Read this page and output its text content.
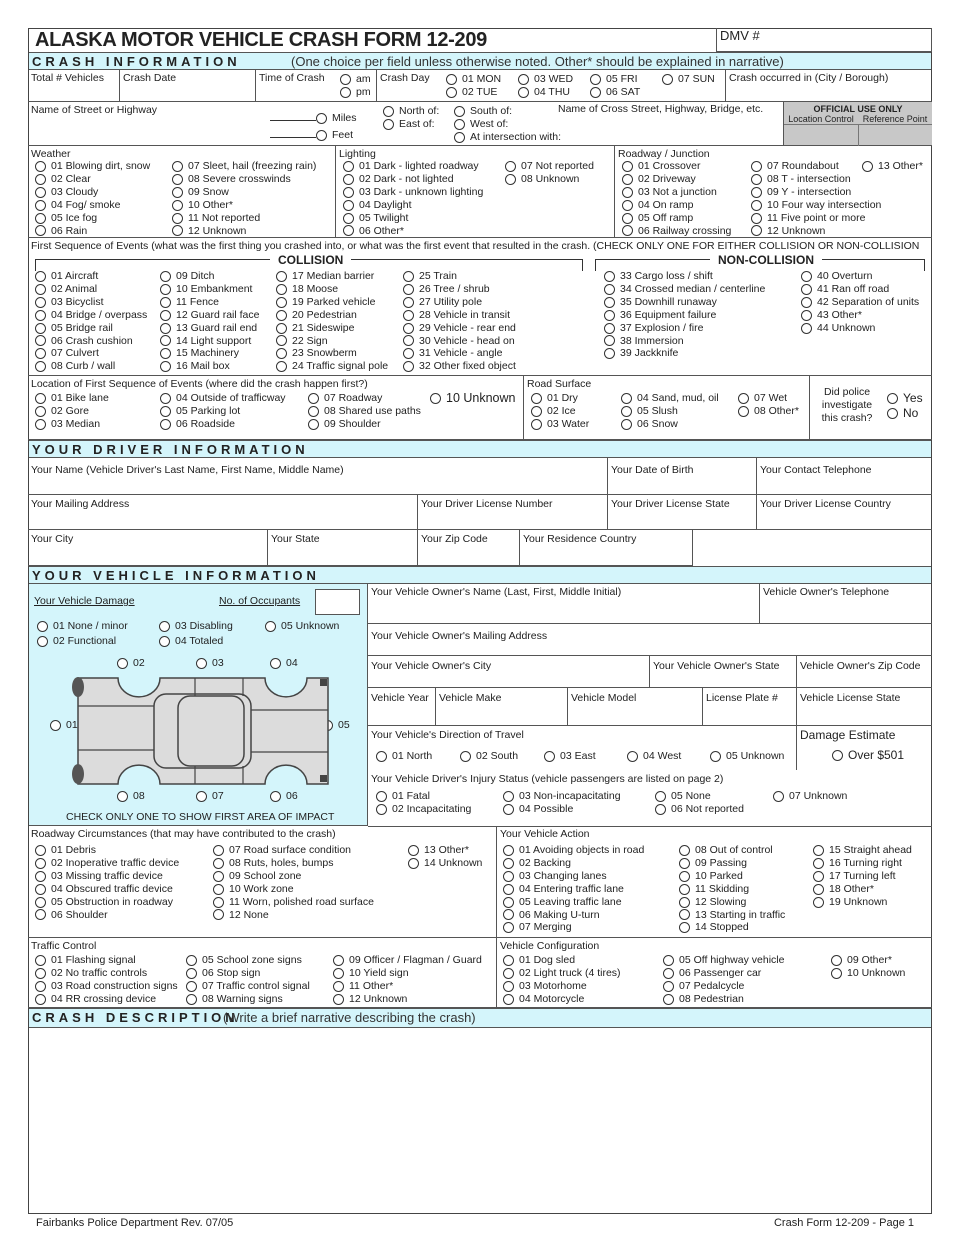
ALASKA MOTOR VEHICLE CRASH FORM 12-209	DMV #
CRASH INFORMATION	(One choice per field unless otherwise noted. Other* should be explained in narrative)
Total # Vehicles	Crash Date	Time of Crash	am
pm
Crash Day	01 MON
02 TUE
03 WED
04 THU
05 FRI
06 SAT
07 SUN Crash occurred in (City / Borough)
Name of Street or Highway	Name of Cross Street, Highway, Bridge, etc.
Miles
Feet
North of:
East of:
South of:
West of:
At intersection with:
OFFICIAL USE ONLY
Location Control Reference Point
Weather
01 Blowing dirt, snow
02 Clear
03 Cloudy
04 Fog/ smoke
05 Ice fog
06 Rain
07 Sleet, hail (freezing rain)
08 Severe crosswinds
09 Snow
10 Other*
11 Not reported
12 Unknown
Lighting
01 Dark - lighted roadway
02 Dark - not lighted
03 Dark - unknown lighting
04 Daylight
05 Twilight
06 Other*
07 Not reported
08 Unknown
Roadway / Junction
01 Crossover
02 Driveway
03 Not a junction
04 On ramp
05 Off ramp
06 Railway crossing
07 Roundabout
08 T - intersection
09 Y - intersection
10 Four way intersection
11 Five point or more
12 Unknown
13 Other*
First Sequence of Events (what was the first thing you crashed into, or what was the first event that resulted in the crash. (CHECK ONLY ONE FOR EITHER COLLISION OR NON-COLLISION
COLLISION	NON-COLLISION
01 Aircraft
02 Animal
03 Bicyclist
04 Bridge / overpass
05 Bridge rail
06 Crash cushion
07 Culvert
08 Curb / wall
09 Ditch
10 Embankment
11 Fence
12 Guard rail face
13 Guard rail end
14 Light support
15 Machinery
16 Mail box
17 Median barrier
18 Moose
19 Parked vehicle
20 Pedestrian
21 Sideswipe
22 Sign
23 Snowberm
24 Traffic signal pole
25 Train
26 Tree / shrub
27 Utility pole
28 Vehicle in transit
29 Vehicle - rear end
30 Vehicle - head on
31 Vehicle - angle
32 Other fixed object
33 Cargo loss / shift
34 Crossed median / centerline
35 Downhill runaway
36 Equipment failure
37 Explosion / fire
38 Immersion
39 Jackknife
40 Overturn
41 Ran off road
42 Separation of units
43 Other*
44 Unknown
Location of First Sequence of Events (where did the crash happen first?)
01 Bike lane
02 Gore
03 Median
04 Outside of trafficway
05 Parking lot
06 Roadside
07 Roadway
08 Shared use paths
09 Shoulder
10 Unknown
Road Surface
01 Dry
02 Ice
03 Water
04 Sand, mud, oil
05 Slush
06 Snow
07 Wet
08 Other*
Did police investigate this crash?
Yes
No
YOUR DRIVER INFORMATION
Your Name (Vehicle Driver's Last Name, First Name, Middle Name)	Your Date of Birth	Your Contact Telephone
Your Mailing Address	Your Driver License Number	Your Driver License State	Your Driver License Country
Your City	Your State	Your Zip Code	Your Residence Country
YOUR VEHICLE INFORMATION
Your Vehicle Damage	No. of Occupants
01 None / minor
02 Functional
03 Disabling
04 Totaled
05 Unknown
02	03	04
01	05
08	07	06
CHECK ONLY ONE TO SHOW FIRST AREA OF IMPACT
Your Vehicle Owner's Name (Last, First, Middle Initial)	Vehicle Owner's Telephone
Your Vehicle Owner's Mailing Address
Your Vehicle Owner's City	Your Vehicle Owner's State	Vehicle Owner's Zip Code
Vehicle Year Vehicle Make	Vehicle Model	License Plate #	Vehicle License State
Your Vehicle's Direction of Travel
01 North	02 South	03 East	04 West	05 Unknown
Damage Estimate
Over $501
Your Vehicle Driver's Injury Status (vehicle passengers are listed on page 2)
01 Fatal
02 Incapacitating
03 Non-incapacitating
04 Possible
05 None
06 Not reported
07 Unknown
Roadway Circumstances (that may have contributed to the crash)
01 Debris
02 Inoperative traffic device
03 Missing traffic device
04 Obscured traffic device
05 Obstruction in roadway
06 Shoulder
07 Road surface condition
08 Ruts, holes, bumps
09 School zone
10 Work zone
11 Worn, polished road surface
12 None
13 Other*
14 Unknown
Your Vehicle Action
01 Avoiding objects in road
02 Backing
03 Changing lanes
04 Entering traffic lane
05 Leaving traffic lane
06 Making U-turn
07 Merging
08 Out of control
09 Passing
10 Parked
11 Skidding
12 Slowing
13 Starting in traffic
14 Stopped
15 Straight ahead
16 Turning right
17 Turning left
18 Other*
19 Unknown
Traffic Control
01 Flashing signal
02 No traffic controls
03 Road construction signs
04 RR crossing device
05 School zone signs
06 Stop sign
07 Traffic control signal
08 Warning signs
09 Officer / Flagman / Guard
10 Yield sign
11 Other*
12 Unknown
Vehicle Configuration
01 Dog sled
02 Light truck (4 tires)
03 Motorhome
04 Motorcycle
05 Off highway vehicle
06 Passenger car
07 Pedalcycle
08 Pedestrian
09 Other*
10 Unknown
CRASH DESCRIPTION
(Write a brief narrative describing the crash)
Fairbanks Police Department Rev. 07/05	Crash Form 12-209 - Page 1
